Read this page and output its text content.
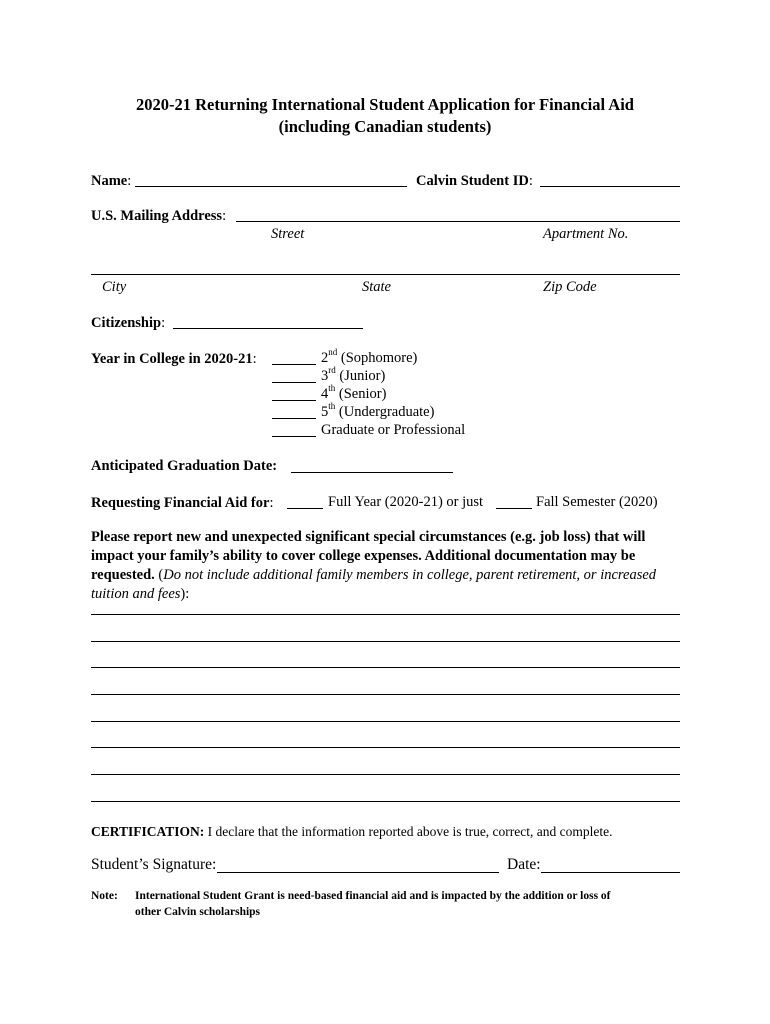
2020-21 Returning International Student Application for Financial Aid
(including Canadian students)
Name:	Calvin Student ID:
U.S. Mailing Address:
Street	Apartment No.
City	State	Zip Code
Citizenship:
Year in College in 2020-21:	2nd (Sophomore)
3rd (Junior)
4th (Senior)
5th (Undergraduate)
Graduate or Professional
Anticipated Graduation Date:
Requesting Financial Aid for:	Full Year (2020-21) or just	Fall Semester (2020)
Please report new and unexpected significant special circumstances (e.g. job loss) that will impact your family’s ability to cover college expenses. Additional documentation may be requested. (Do not include additional family members in college, parent retirement, or increased tuition and fees):
CERTIFICATION: I declare that the information reported above is true, correct, and complete.
Student’s Signature:	Date:
Note: International Student Grant is need-based financial aid and is impacted by the addition or loss of
other Calvin scholarships
